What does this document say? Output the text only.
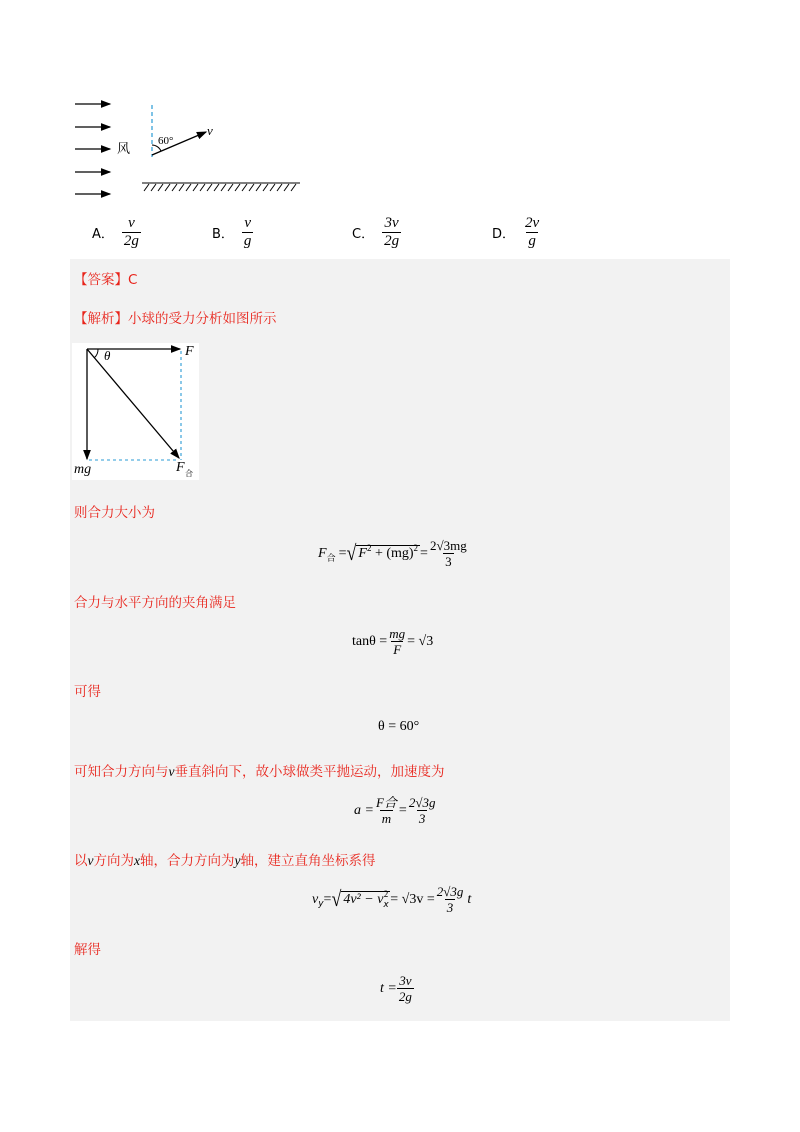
60°
v
风
A． $\frac{v}{2g}$	B． $\frac{v}{g}$	C． $\frac{3v}{2g}$	D． $\frac{2v}{g}$
【答案】C
【解析】小球的受力分析如图所示
θ	F
mg	F 合
则合力大小为
F 合 = √ $F^2 + (mg)^2 = \frac{2√3mg}{3}$
合力与水平方向的夹角满足
$\tan\theta = \frac{mg}{F} = √3$
可得
θ = 60°
可知合力方向与v垂直斜向下，故小球做类平抛运动，加速度为
$a = \frac{\text{F合}}{m} = \frac{2√3g}{3}$
以v方向为x轴，合力方向为y轴，建立直角坐标系得
v y = √ $4v^2 - v_x^2 = √3v = \frac{2√3g}{3}$ t
解得
$t = \frac{3v}{2g}$
